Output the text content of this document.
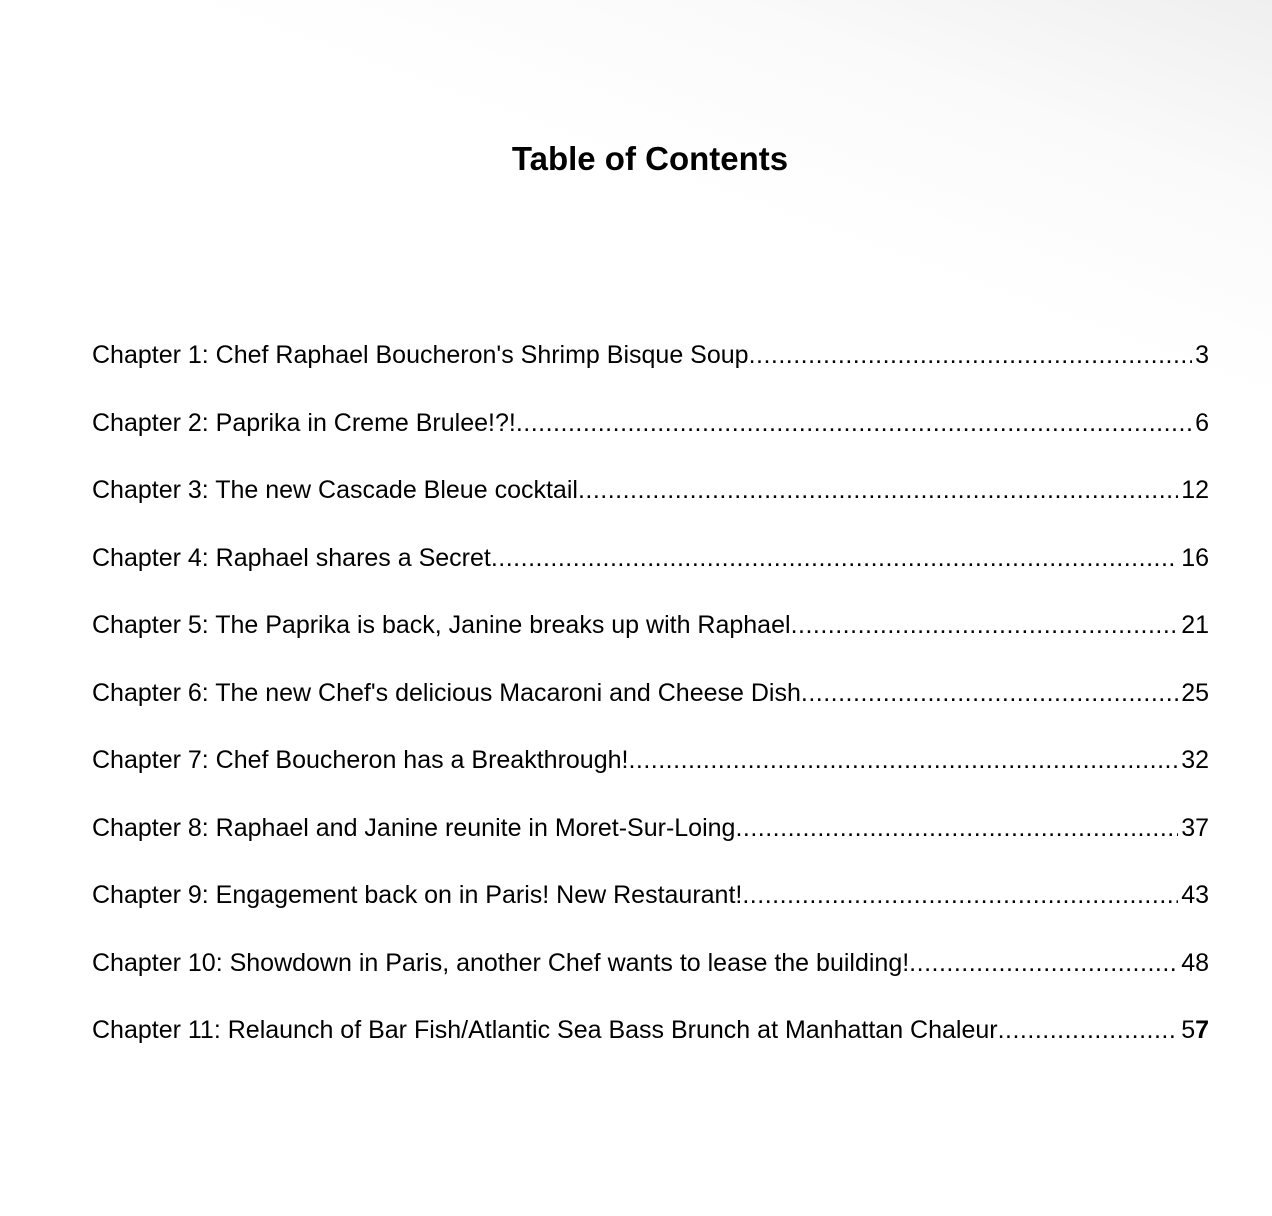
Table of Contents
Chapter 1: Chef Raphael Boucheron's Shrimp Bisque Soup .....	3
Chapter 2: Paprika in Creme Brulee!?! .....	6
Chapter 3: The new Cascade Bleue cocktail .....	12
Chapter 4: Raphael shares a Secret .....	16
Chapter 5: The Paprika is back, Janine breaks up with Raphael .....	21
Chapter 6: The new Chef's delicious Macaroni and Cheese Dish .....	25
Chapter 7: Chef Boucheron has a Breakthrough! .....	32
Chapter 8: Raphael and Janine reunite in Moret-Sur-Loing .....	37
Chapter 9: Engagement back on in Paris! New Restaurant! .....	43
Chapter 10: Showdown in Paris, another Chef wants to lease the building! .....	48
Chapter 11: Relaunch of Bar Fish/Atlantic Sea Bass Brunch at Manhattan Chaleur .....	57
